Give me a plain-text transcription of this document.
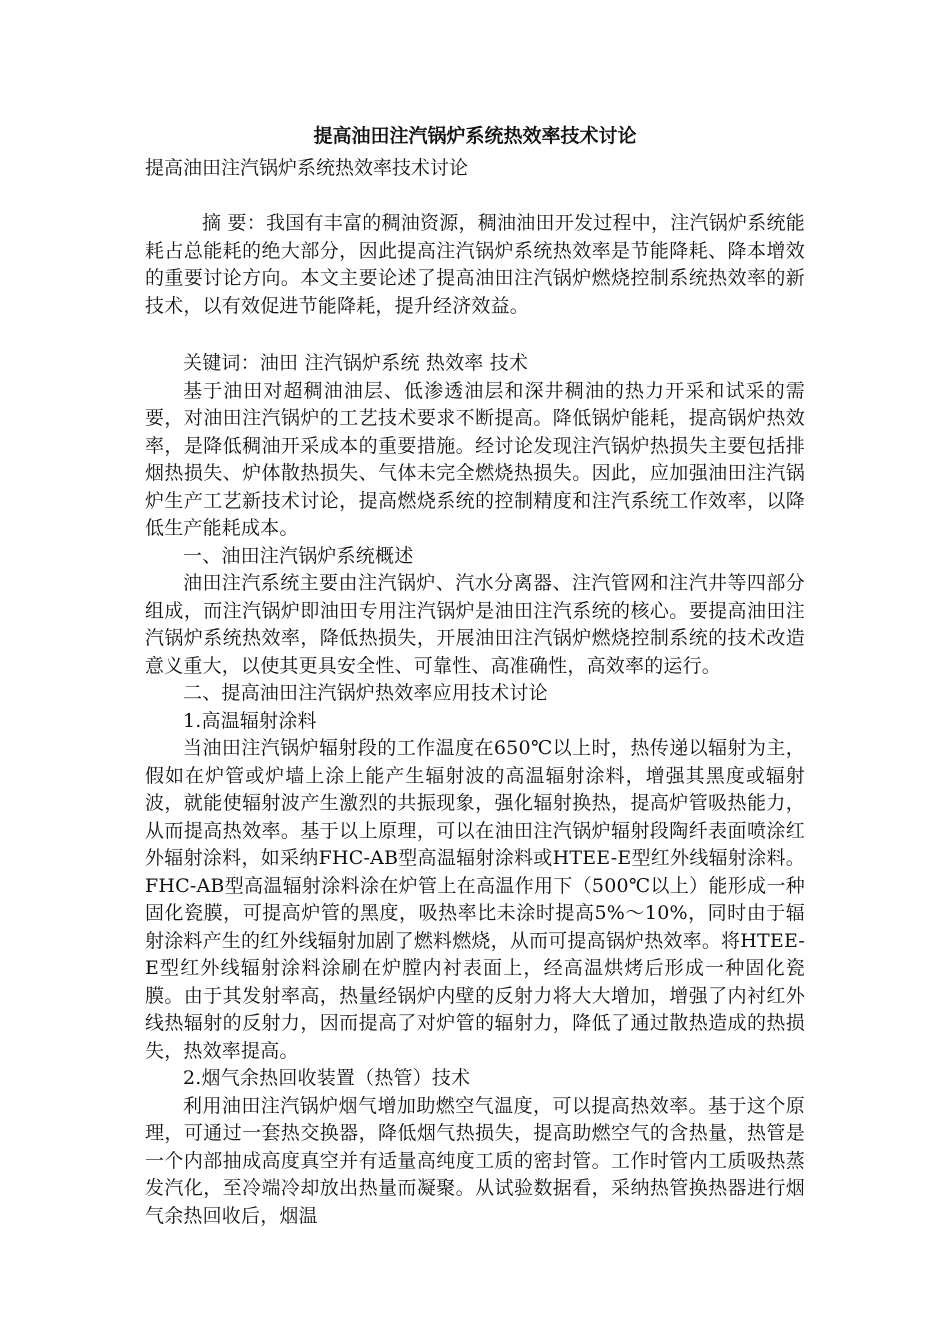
提高油田注汽锅炉系统热效率技术讨论

提高油田注汽锅炉系统热效率技术讨论

摘 要：我国有丰富的稠油资源，稠油油田开发过程中，注汽锅炉系统能耗占总能耗的绝大部分，因此提高注汽锅炉系统热效率是节能降耗、降本增效的重要讨论方向。本文主要论述了提高油田注汽锅炉燃烧控制系统热效率的新技术，以有效促进节能降耗，提升经济效益。

关键词：油田 注汽锅炉系统 热效率 技术

基于油田对超稠油油层、低渗透油层和深井稠油的热力开采和试采的需要，对油田注汽锅炉的工艺技术要求不断提高。降低锅炉能耗，提高锅炉热效率，是降低稠油开采成本的重要措施。经讨论发现注汽锅炉热损失主要包括排烟热损失、炉体散热损失、气体未完全燃烧热损失。因此，应加强油田注汽锅炉生产工艺新技术讨论，提高燃烧系统的控制精度和注汽系统工作效率，以降低生产能耗成本。

一、油田注汽锅炉系统概述

油田注汽系统主要由注汽锅炉、汽水分离器、注汽管网和注汽井等四部分组成，而注汽锅炉即油田专用注汽锅炉是油田注汽系统的核心。要提高油田注汽锅炉系统热效率，降低热损失，开展油田注汽锅炉燃烧控制系统的技术改造意义重大，以使其更具安全性、可靠性、高准确性，高效率的运行。

二、提高油田注汽锅炉热效率应用技术讨论

1.高温辐射涂料

当油田注汽锅炉辐射段的工作温度在650℃以上时，热传递以辐射为主，假如在炉管或炉墙上涂上能产生辐射波的高温辐射涂料，增强其黑度或辐射波，就能使辐射波产生激烈的共振现象，强化辐射换热，提高炉管吸热能力，从而提高热效率。基于以上原理，可以在油田注汽锅炉辐射段陶纤表面喷涂红外辐射涂料，如采纳FHC-AB型高温辐射涂料或HTEE-E型红外线辐射涂料。FHC-AB型高温辐射涂料涂在炉管上在高温作用下（500℃以上）能形成一种固化瓷膜，可提高炉管的黑度，吸热率比未涂时提高5%～10%，同时由于辐射涂料产生的红外线辐射加剧了燃料燃烧，从而可提高锅炉热效率。将HTEE-E型红外线辐射涂料涂刷在炉膛内衬表面上，经高温烘烤后形成一种固化瓷膜。由于其发射率高，热量经锅炉内壁的反射力将大大增加，增强了内衬红外线热辐射的反射力，因而提高了对炉管的辐射力，降低了通过散热造成的热损失，热效率提高。

2.烟气余热回收装置（热管）技术

利用油田注汽锅炉烟气增加助燃空气温度，可以提高热效率。基于这个原理，可通过一套热交换器，降低烟气热损失，提高助燃空气的含热量，热管是一个内部抽成高度真空并有适量高纯度工质的密封管。工作时管内工质吸热蒸发汽化，至冷端冷却放出热量而凝聚。从试验数据看，采纳热管换热器进行烟气余热回收后，烟温
